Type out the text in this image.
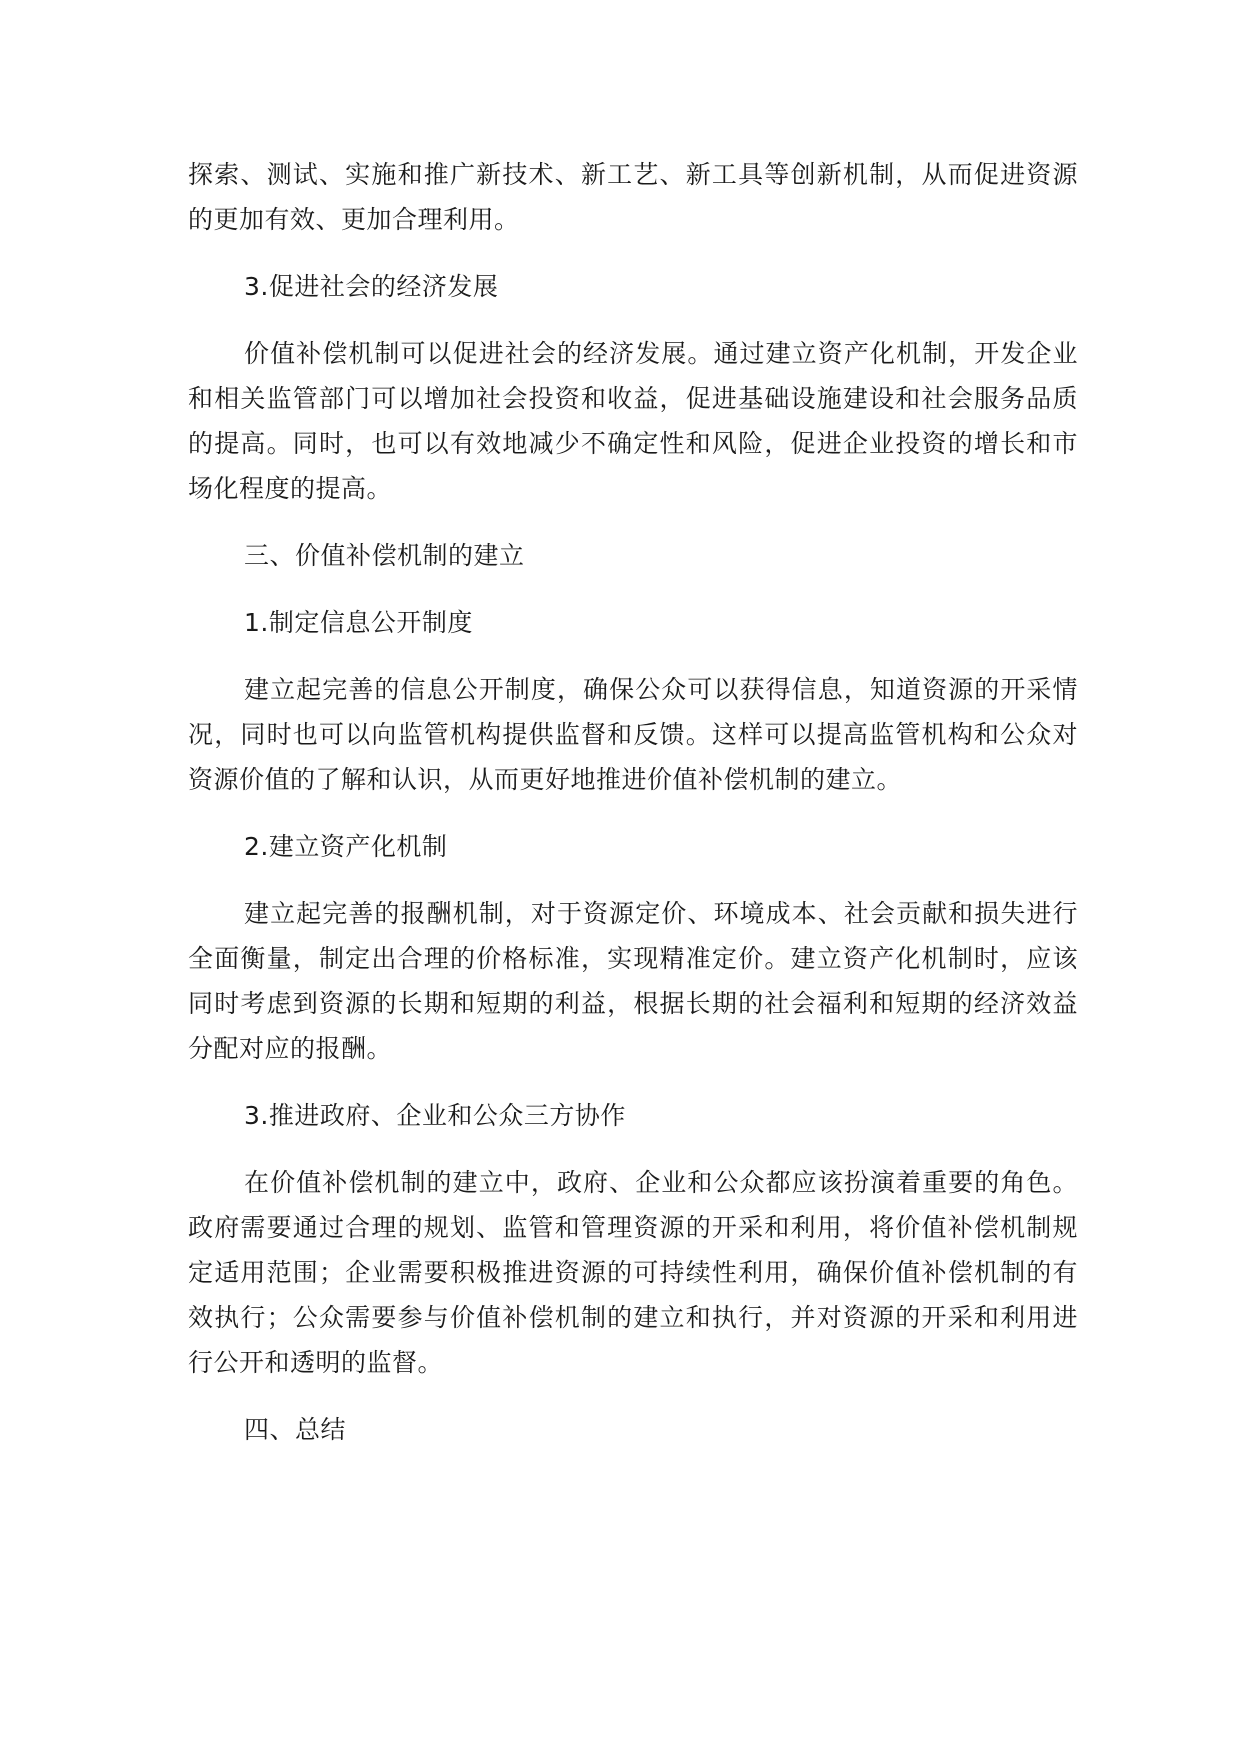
探索、测试、实施和推广新技术、新工艺、新工具等创新机制，从而促进资源的更加有效、更加合理利用。

3.促进社会的经济发展

价值补偿机制可以促进社会的经济发展。通过建立资产化机制，开发企业和相关监管部门可以增加社会投资和收益，促进基础设施建设和社会服务品质的提高。同时，也可以有效地减少不确定性和风险，促进企业投资的增长和市场化程度的提高。

三、价值补偿机制的建立

1.制定信息公开制度

建立起完善的信息公开制度，确保公众可以获得信息，知道资源的开采情况，同时也可以向监管机构提供监督和反馈。这样可以提高监管机构和公众对资源价值的了解和认识，从而更好地推进价值补偿机制的建立。

2.建立资产化机制

建立起完善的报酬机制，对于资源定价、环境成本、社会贡献和损失进行全面衡量，制定出合理的价格标准，实现精准定价。建立资产化机制时，应该同时考虑到资源的长期和短期的利益，根据长期的社会福利和短期的经济效益分配对应的报酬。

3.推进政府、企业和公众三方协作

在价值补偿机制的建立中，政府、企业和公众都应该扮演着重要的角色。政府需要通过合理的规划、监管和管理资源的开采和利用，将价值补偿机制规定适用范围；企业需要积极推进资源的可持续性利用，确保价值补偿机制的有效执行；公众需要参与价值补偿机制的建立和执行，并对资源的开采和利用进行公开和透明的监督。

四、总结
